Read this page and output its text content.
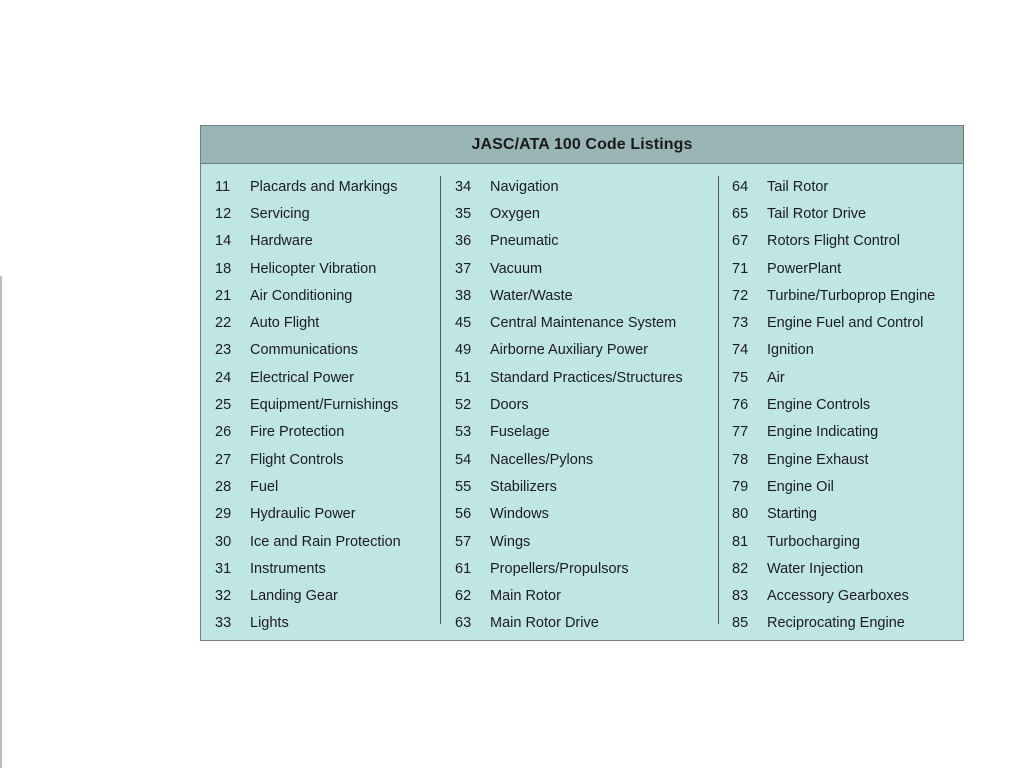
JASC/ATA 100 Code Listings
11	Placards and Markings
12	Servicing
14	Hardware
18	Helicopter Vibration
21	Air Conditioning
22	Auto Flight
23	Communications
24	Electrical Power
25	Equipment/Furnishings
26	Fire Protection
27	Flight Controls
28	Fuel
29	Hydraulic Power
30	Ice and Rain Protection
31	Instruments
32	Landing Gear
33	Lights
34	Navigation
35	Oxygen
36	Pneumatic
37	Vacuum
38	Water/Waste
45	Central Maintenance System
49	Airborne Auxiliary Power
51	Standard Practices/Structures
52	Doors
53	Fuselage
54	Nacelles/Pylons
55	Stabilizers
56	Windows
57	Wings
61	Propellers/Propulsors
62	Main Rotor
63	Main Rotor Drive
64	Tail Rotor
65	Tail Rotor Drive
67	Rotors Flight Control
71	PowerPlant
72	Turbine/Turboprop Engine
73	Engine Fuel and Control
74	Ignition
75	Air
76	Engine Controls
77	Engine Indicating
78	Engine Exhaust
79	Engine Oil
80	Starting
81	Turbocharging
82	Water Injection
83	Accessory Gearboxes
85	Reciprocating Engine
